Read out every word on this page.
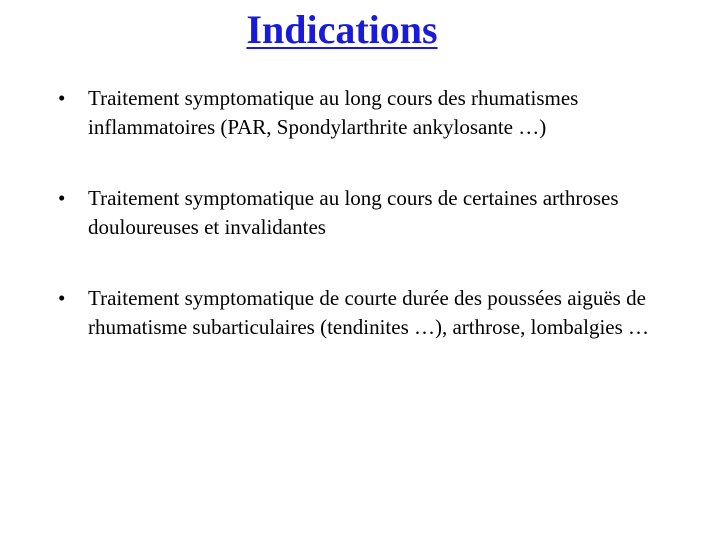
Indications
• Traitement symptomatique au long cours des rhumatismes inflammatoires (PAR, Spondylarthrite ankylosante …)
• Traitement symptomatique au long cours de certaines arthroses douloureuses et invalidantes
• Traitement symptomatique de courte durée des poussées aiguës de rhumatisme subarticulaires (tendinites …), arthrose, lombalgies …
